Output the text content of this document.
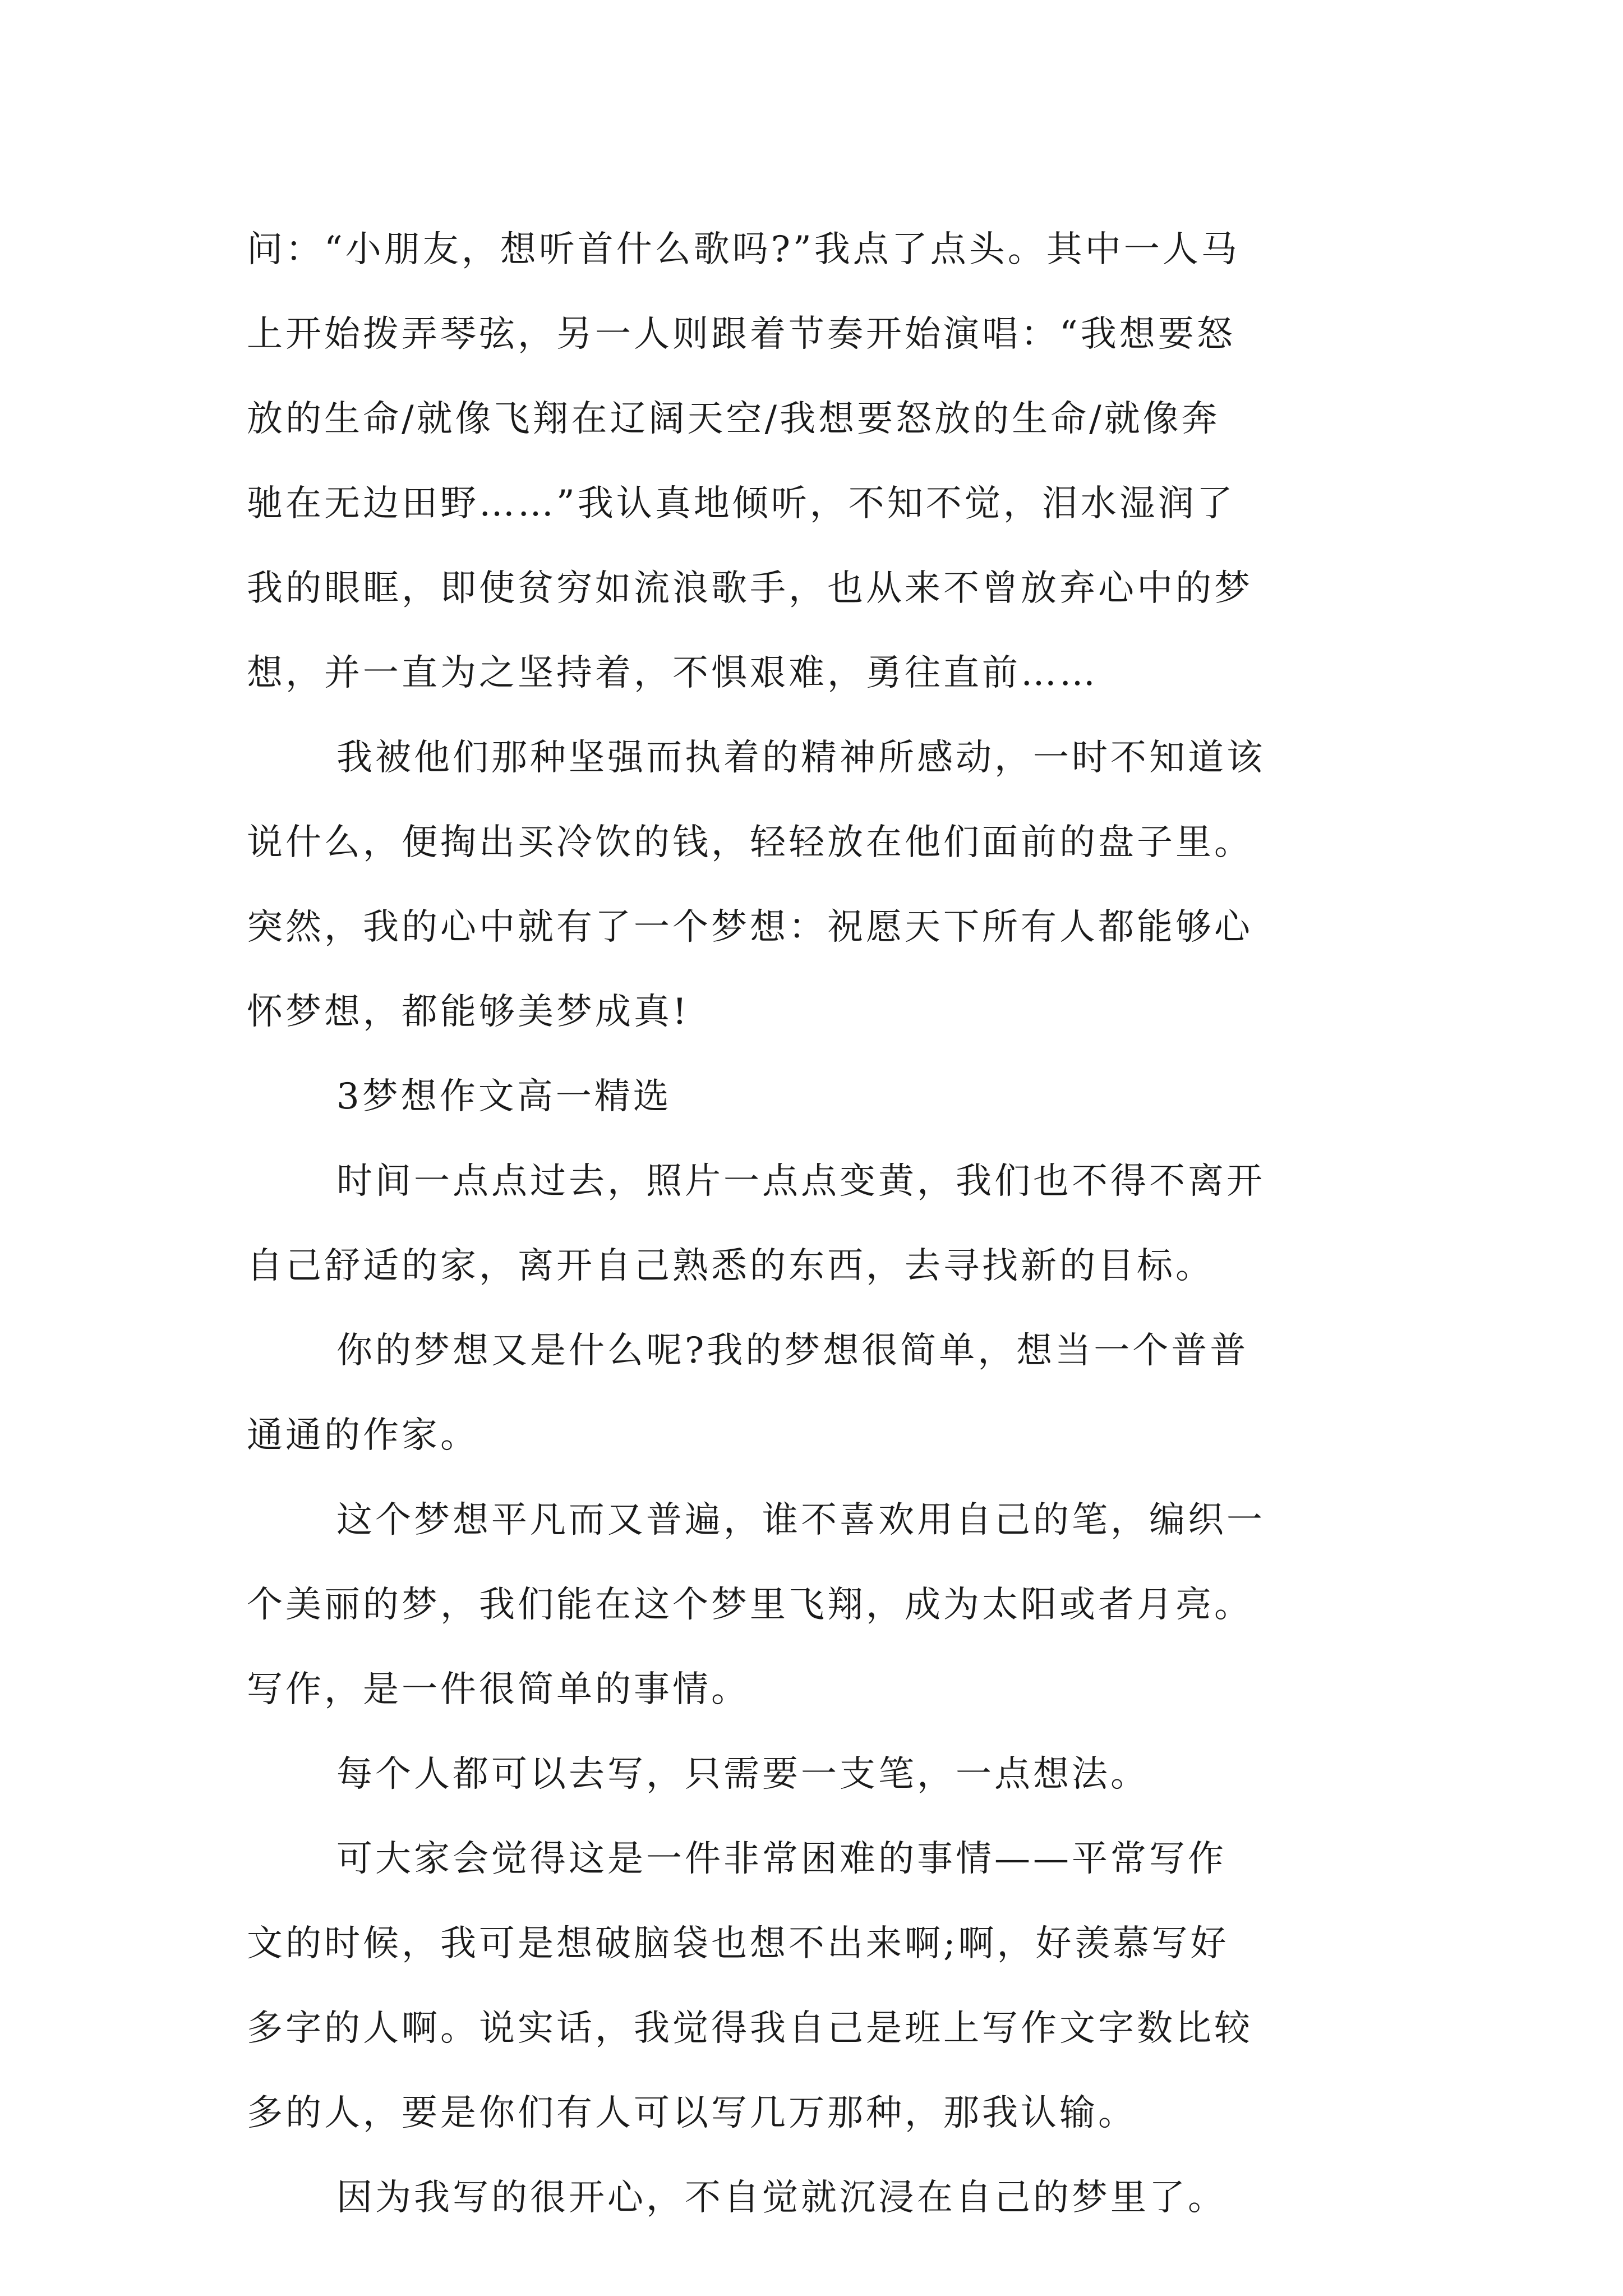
问：“小朋友，想听首什么歌吗?”我点了点头。其中一人马
上开始拨弄琴弦，另一人则跟着节奏开始演唱：“我想要怒
放的生命/就像飞翔在辽阔天空/我想要怒放的生命/就像奔
驰在无边田野……”我认真地倾听，不知不觉，泪水湿润了
我的眼眶，即使贫穷如流浪歌手，也从来不曾放弃心中的梦
想，并一直为之坚持着，不惧艰难，勇往直前……
我被他们那种坚强而执着的精神所感动，一时不知道该
说什么，便掏出买冷饮的钱，轻轻放在他们面前的盘子里。
突然，我的心中就有了一个梦想：祝愿天下所有人都能够心
怀梦想，都能够美梦成真!
3梦想作文高一精选
时间一点点过去，照片一点点变黄，我们也不得不离开
自己舒适的家，离开自己熟悉的东西，去寻找新的目标。
你的梦想又是什么呢?我的梦想很简单，想当一个普普
通通的作家。
这个梦想平凡而又普遍，谁不喜欢用自己的笔，编织一
个美丽的梦，我们能在这个梦里飞翔，成为太阳或者月亮。
写作，是一件很简单的事情。
每个人都可以去写，只需要一支笔，一点想法。
可大家会觉得这是一件非常困难的事情——平常写作
文的时候，我可是想破脑袋也想不出来啊;啊，好羡慕写好
多字的人啊。说实话，我觉得我自己是班上写作文字数比较
多的人，要是你们有人可以写几万那种，那我认输。
因为我写的很开心，不自觉就沉浸在自己的梦里了。
